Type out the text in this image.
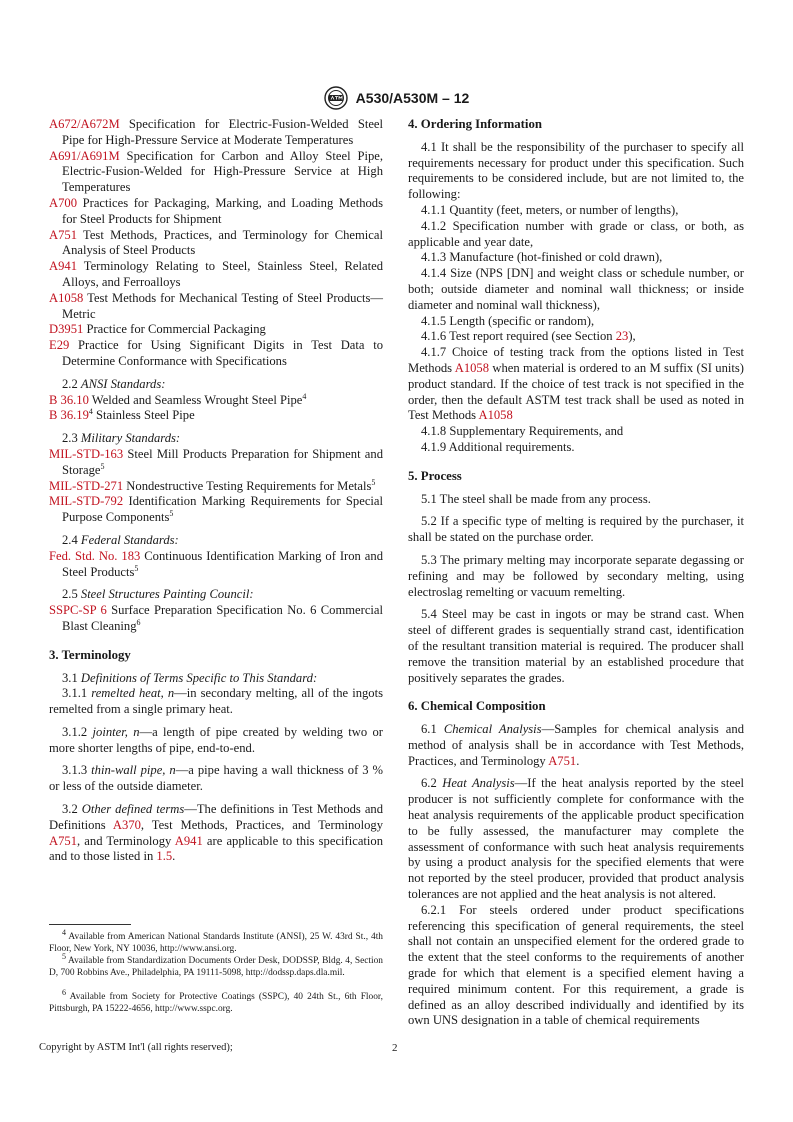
A530/A530M – 12

A672/A672M Specification for Electric-Fusion-Welded Steel Pipe for High-Pressure Service at Moderate Temperatures

A691/A691M Specification for Carbon and Alloy Steel Pipe, Electric-Fusion-Welded for High-Pressure Service at High Temperatures

A700 Practices for Packaging, Marking, and Loading Methods for Steel Products for Shipment

A751 Test Methods, Practices, and Terminology for Chemical Analysis of Steel Products

A941 Terminology Relating to Steel, Stainless Steel, Related Alloys, and Ferroalloys

A1058 Test Methods for Mechanical Testing of Steel Products—Metric

D3951 Practice for Commercial Packaging

E29 Practice for Using Significant Digits in Test Data to Determine Conformance with Specifications

2.2 ANSI Standards:

B 36.10 Welded and Seamless Wrought Steel Pipe$^4$

B 36.19$^4$ Stainless Steel Pipe

2.3 Military Standards:

MIL-STD-163 Steel Mill Products Preparation for Shipment and Storage$^5$

MIL-STD-271 Nondestructive Testing Requirements for Metals$^5$

MIL-STD-792 Identification Marking Requirements for Special Purpose Components$^5$

2.4 Federal Standards:

Fed. Std. No. 183 Continuous Identification Marking of Iron and Steel Products$^5$

2.5 Steel Structures Painting Council:

SSPC-SP 6 Surface Preparation Specification No. 6 Commercial Blast Cleaning$^6$

3. Terminology

3.1 Definitions of Terms Specific to This Standard:

3.1.1 remelted heat, n—in secondary melting, all of the ingots remelted from a single primary heat.

3.1.2 jointer, n—a length of pipe created by welding two or more shorter lengths of pipe, end-to-end.

3.1.3 thin-wall pipe, n—a pipe having a wall thickness of 3 % or less of the outside diameter.

3.2 Other defined terms—The definitions in Test Methods and Definitions A370, Test Methods, Practices, and Terminology A751, and Terminology A941 are applicable to this specification and to those listed in 1.5.

$^4$ Available from American National Standards Institute (ANSI), 25 W. 43rd St., 4th Floor, New York, NY 10036, http://www.ansi.org.
$^5$ Available from Standardization Documents Order Desk, DODSSP, Bldg. 4, Section D, 700 Robbins Ave., Philadelphia, PA 19111-5098, http://dodssp.daps.dla.mil.
$^6$ Available from Society for Protective Coatings (SSPC), 40 24th St., 6th Floor, Pittsburgh, PA 15222-4656, http://www.sspc.org.

4. Ordering Information

4.1 It shall be the responsibility of the purchaser to specify all requirements necessary for product under this specification. Such requirements to be considered include, but are not limited to, the following:

4.1.1 Quantity (feet, meters, or number of lengths),

4.1.2 Specification number with grade or class, or both, as applicable and year date,

4.1.3 Manufacture (hot-finished or cold drawn),

4.1.4 Size (NPS [DN] and weight class or schedule number, or both; outside diameter and nominal wall thickness; or inside diameter and nominal wall thickness),

4.1.5 Length (specific or random),

4.1.6 Test report required (see Section 23),

4.1.7 Choice of testing track from the options listed in Test Methods A1058 when material is ordered to an M suffix (SI units) product standard. If the choice of test track is not specified in the order, then the default ASTM test track shall be used as noted in Test Methods A1058

4.1.8 Supplementary Requirements, and

4.1.9 Additional requirements.

5. Process

5.1 The steel shall be made from any process.

5.2 If a specific type of melting is required by the purchaser, it shall be stated on the purchase order.

5.3 The primary melting may incorporate separate degassing or refining and may be followed by secondary melting, using electroslag remelting or vacuum remelting.

5.4 Steel may be cast in ingots or may be strand cast. When steel of different grades is sequentially strand cast, identification of the resultant transition material is required. The producer shall remove the transition material by an established procedure that positively separates the grades.

6. Chemical Composition

6.1 Chemical Analysis—Samples for chemical analysis and method of analysis shall be in accordance with Test Methods, Practices, and Terminology A751.

6.2 Heat Analysis—If the heat analysis reported by the steel producer is not sufficiently complete for conformance with the heat analysis requirements of the applicable product specification to be fully assessed, the manufacturer may complete the assessment of conformance with such heat analysis requirements by using a product analysis for the specified elements that were not reported by the steel producer, provided that product analysis tolerances are not applied and the heat analysis is not altered.

6.2.1 For steels ordered under product specifications referencing this specification of general requirements, the steel shall not contain an unspecified element for the ordered grade to the extent that the steel conforms to the requirements of another grade for which that element is a specified element having a required minimum content. For this requirement, a grade is defined as an alloy described individually and identified by its own UNS designation in a table of chemical requirements

Copyright by ASTM Int'l (all rights reserved);	2
